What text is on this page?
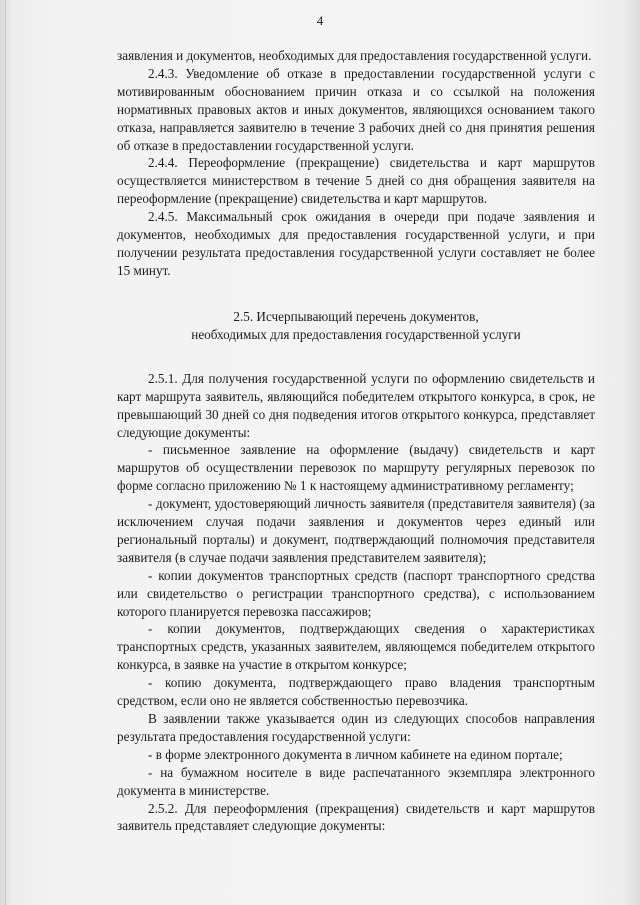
4

заявления и документов, необходимых для предоставления государственной услуги.

2.4.3. Уведомление об отказе в предоставлении государственной услуги с мотивированным обоснованием причин отказа и со ссылкой на положения нормативных правовых актов и иных документов, являющихся основанием такого отказа, направляется заявителю в течение 3 рабочих дней со дня принятия решения об отказе в предоставлении государственной услуги.

2.4.4. Переоформление (прекращение) свидетельства и карт маршрутов осуществляется министерством в течение 5 дней со дня обращения заявителя на переоформление (прекращение) свидетельства и карт маршрутов.

2.4.5. Максимальный срок ожидания в очереди при подаче заявления и документов, необходимых для предоставления государственной услуги, и при получении результата предоставления государственной услуги составляет не более 15 минут.

2.5. Исчерпывающий перечень документов,
необходимых для предоставления государственной услуги

2.5.1. Для получения государственной услуги по оформлению свидетельств и карт маршрута заявитель, являющийся победителем открытого конкурса, в срок, не превышающий 30 дней со дня подведения итогов открытого конкурса, представляет следующие документы:

- письменное заявление на оформление (выдачу) свидетельств и карт маршрутов об осуществлении перевозок по маршруту регулярных перевозок по форме согласно приложению № 1 к настоящему административному регламенту;

- документ, удостоверяющий личность заявителя (представителя заявителя) (за исключением случая подачи заявления и документов через единый или региональный порталы) и документ, подтверждающий полномочия представителя заявителя (в случае подачи заявления представителем заявителя);

- копии документов транспортных средств (паспорт транспортного средства или свидетельство о регистрации транспортного средства), с использованием которого планируется перевозка пассажиров;

- копии документов, подтверждающих сведения о характеристиках транспортных средств, указанных заявителем, являющемся победителем открытого конкурса, в заявке на участие в открытом конкурсе;

- копию документа, подтверждающего право владения транспортным средством, если оно не является собственностью перевозчика.

В заявлении также указывается один из следующих способов направления результата предоставления государственной услуги:

- в форме электронного документа в личном кабинете на едином портале;

- на бумажном носителе в виде распечатанного экземпляра электронного документа в министерстве.

2.5.2. Для переоформления (прекращения) свидетельств и карт маршрутов заявитель представляет следующие документы:
